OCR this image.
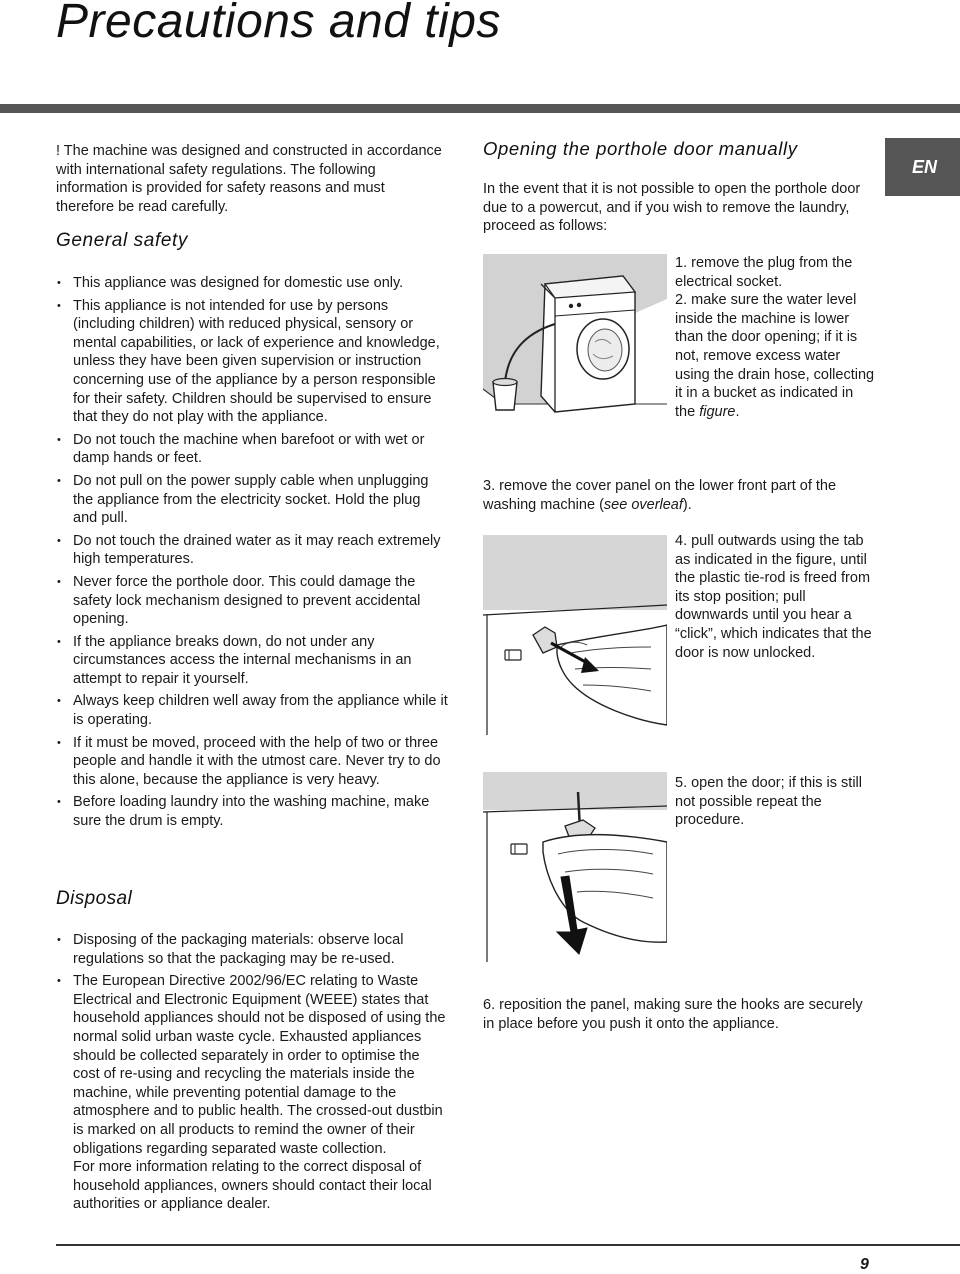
Precautions and tips
EN

! The machine was designed and constructed in accordance with international safety regulations. The following information is provided for safety reasons and must therefore be read carefully.

General safety
• This appliance was designed for domestic use only.
• This appliance is not intended for use by persons (including children) with reduced physical, sensory or mental capabilities, or lack of experience and knowledge, unless they have been given supervision or instruction concerning use of the appliance by a person responsible for their safety. Children should be supervised to ensure that they do not play with the appliance.
• Do not touch the machine when barefoot or with wet or damp hands or feet.
• Do not pull on the power supply cable when unplugging the appliance from the electricity socket. Hold the plug and pull.
• Do not touch the drained water as it may reach extremely high temperatures.
• Never force the porthole door. This could damage the safety lock mechanism designed to prevent accidental opening.
• If the appliance breaks down, do not under any circumstances access the internal mechanisms in an attempt to repair it yourself.
• Always keep children well away from the appliance while it is operating.
• If it must be moved, proceed with the help of two or three people and handle it with the utmost care. Never try to do this alone, because the appliance is very heavy.
• Before loading laundry into the washing machine, make sure the drum is empty.
Disposal
• Disposing of the packaging materials: observe local regulations so that the packaging may be re-used.
• The European Directive 2002/96/EC relating to Waste Electrical and Electronic Equipment (WEEE) states that household appliances should not be disposed of using the normal solid urban waste cycle. Exhausted appliances should be collected separately in order to optimise the cost of re-using and recycling the materials inside the machine, while preventing potential damage to the atmosphere and to public health. The crossed-out dustbin is marked on all products to remind the owner of their obligations regarding separated waste collection.
For more information relating to the correct disposal of household appliances, owners should contact their local authorities or appliance dealer.
Opening the porthole door manually

In the event that it is not possible to open the porthole door due to a powercut, and if you wish to remove the laundry, proceed as follows:

1. remove the plug from the electrical socket.
2. make sure the water level inside the machine is lower than the door opening; if it is not, remove excess water using the drain hose, collecting it in a bucket as indicated in the figure.

3. remove the cover panel on the lower front part of the washing machine (see overleaf).

4. pull outwards using the tab as indicated in the figure, until the plastic tie-rod is freed from its stop position; pull downwards until you hear a “click”, which indicates that the door is now unlocked.

5. open the door; if this is still not possible repeat the procedure.

6. reposition the panel, making sure the hooks are securely in place before you push it onto the appliance.

9
